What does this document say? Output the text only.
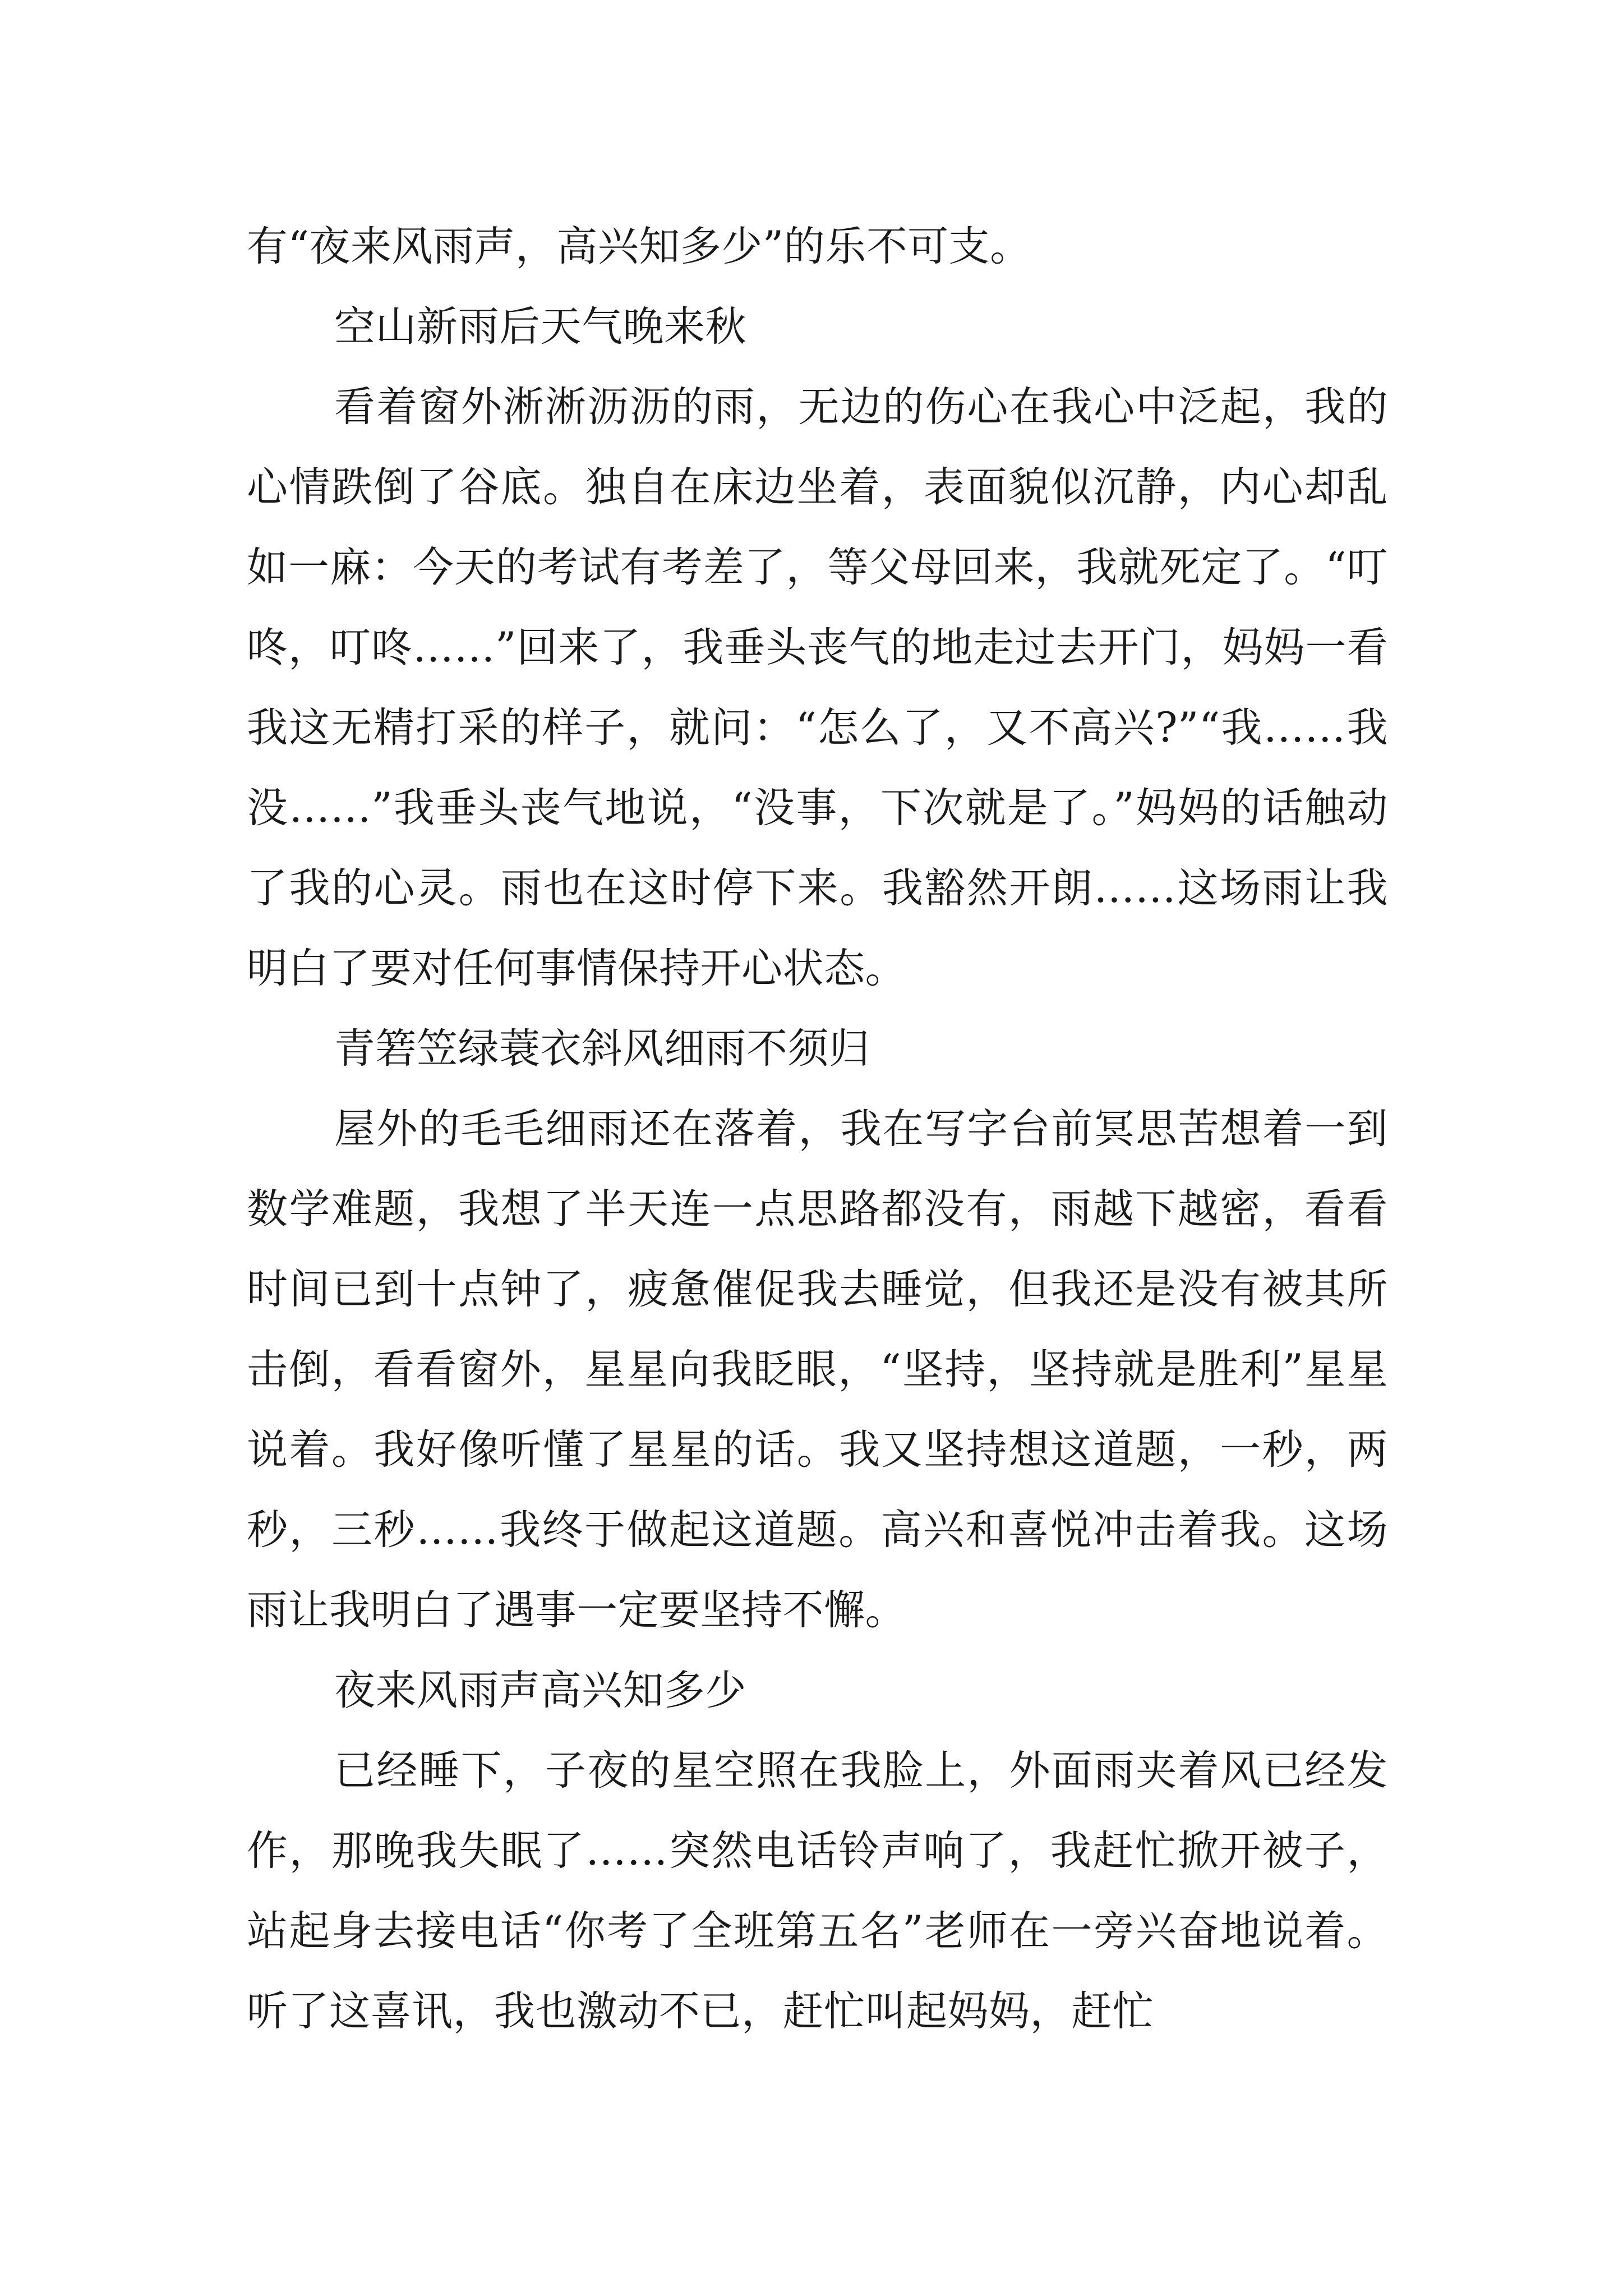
有“夜来风雨声，高兴知多少”的乐不可支。

空山新雨后天气晚来秋

看着窗外淅淅沥沥的雨，无边的伤心在我心中泛起，我的心情跌倒了谷底。独自在床边坐着，表面貌似沉静，内心却乱如一麻：今天的考试有考差了，等父母回来，我就死定了。“叮咚，叮咚……”回来了，我垂头丧气的地走过去开门，妈妈一看我这无精打采的样子，就问：“怎么了，又不高兴?”“我……我没……”我垂头丧气地说，“没事，下次就是了。”妈妈的话触动了我的心灵。雨也在这时停下来。我豁然开朗……这场雨让我明白了要对任何事情保持开心状态。

青箬笠绿蓑衣斜风细雨不须归

屋外的毛毛细雨还在落着，我在写字台前冥思苦想着一到数学难题，我想了半天连一点思路都没有，雨越下越密，看看时间已到十点钟了，疲惫催促我去睡觉，但我还是没有被其所击倒，看看窗外，星星向我眨眼，“坚持，坚持就是胜利”星星说着。我好像听懂了星星的话。我又坚持想这道题，一秒，两秒，三秒……我终于做起这道题。高兴和喜悦冲击着我。这场雨让我明白了遇事一定要坚持不懈。

夜来风雨声高兴知多少

已经睡下，子夜的星空照在我脸上，外面雨夹着风已经发作，那晚我失眠了……突然电话铃声响了，我赶忙掀开被子，站起身去接电话“你考了全班第五名”老师在一旁兴奋地说着。听了这喜讯，我也激动不已，赶忙叫起妈妈，赶忙
